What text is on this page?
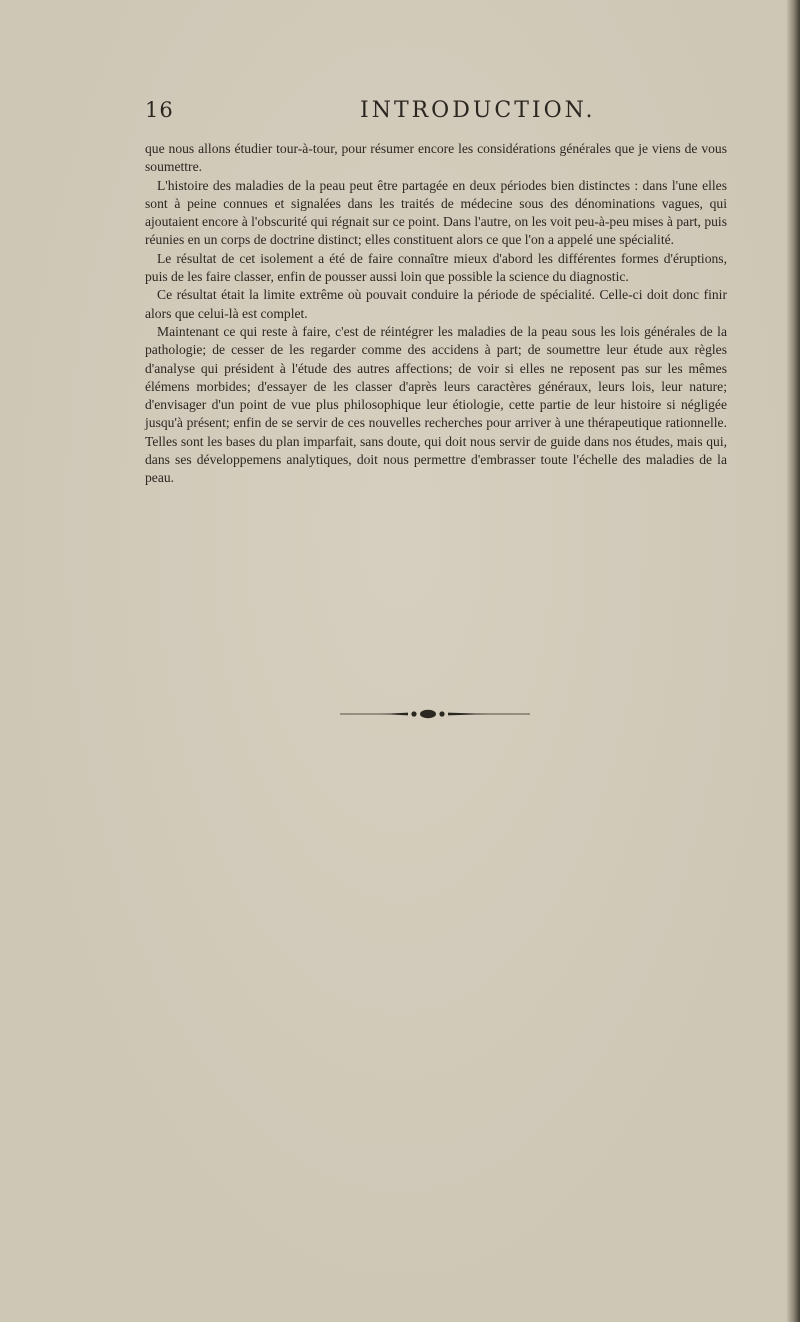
16	INTRODUCTION.

que nous allons étudier tour-à-tour, pour résumer encore les considérations générales que je viens de vous soumettre.

L'histoire des maladies de la peau peut être partagée en deux périodes bien distinctes : dans l'une elles sont à peine connues et signalées dans les traités de médecine sous des dénominations vagues, qui ajoutaient encore à l'obscurité qui régnait sur ce point. Dans l'autre, on les voit peu-à-peu mises à part, puis réunies en un corps de doctrine distinct; elles constituent alors ce que l'on a appelé une spécialité.

Le résultat de cet isolement a été de faire connaître mieux d'abord les différentes formes d'éruptions, puis de les faire classer, enfin de pousser aussi loin que possible la science du diagnostic.

Ce résultat était la limite extrême où pouvait conduire la période de spécialité. Celle-ci doit donc finir alors que celui-là est complet.

Maintenant ce qui reste à faire, c'est de réintégrer les maladies de la peau sous les lois générales de la pathologie; de cesser de les regarder comme des accidens à part; de soumettre leur étude aux règles d'analyse qui président à l'étude des autres affections; de voir si elles ne reposent pas sur les mêmes élémens morbides; d'essayer de les classer d'après leurs caractères généraux, leurs lois, leur nature; d'envisager d'un point de vue plus philosophique leur étiologie, cette partie de leur histoire si négligée jusqu'à présent; enfin de se servir de ces nouvelles recherches pour arriver à une thérapeutique rationnelle. Telles sont les bases du plan imparfait, sans doute, qui doit nous servir de guide dans nos études, mais qui, dans ses développemens analytiques, doit nous permettre d'embrasser toute l'échelle des maladies de la peau.
